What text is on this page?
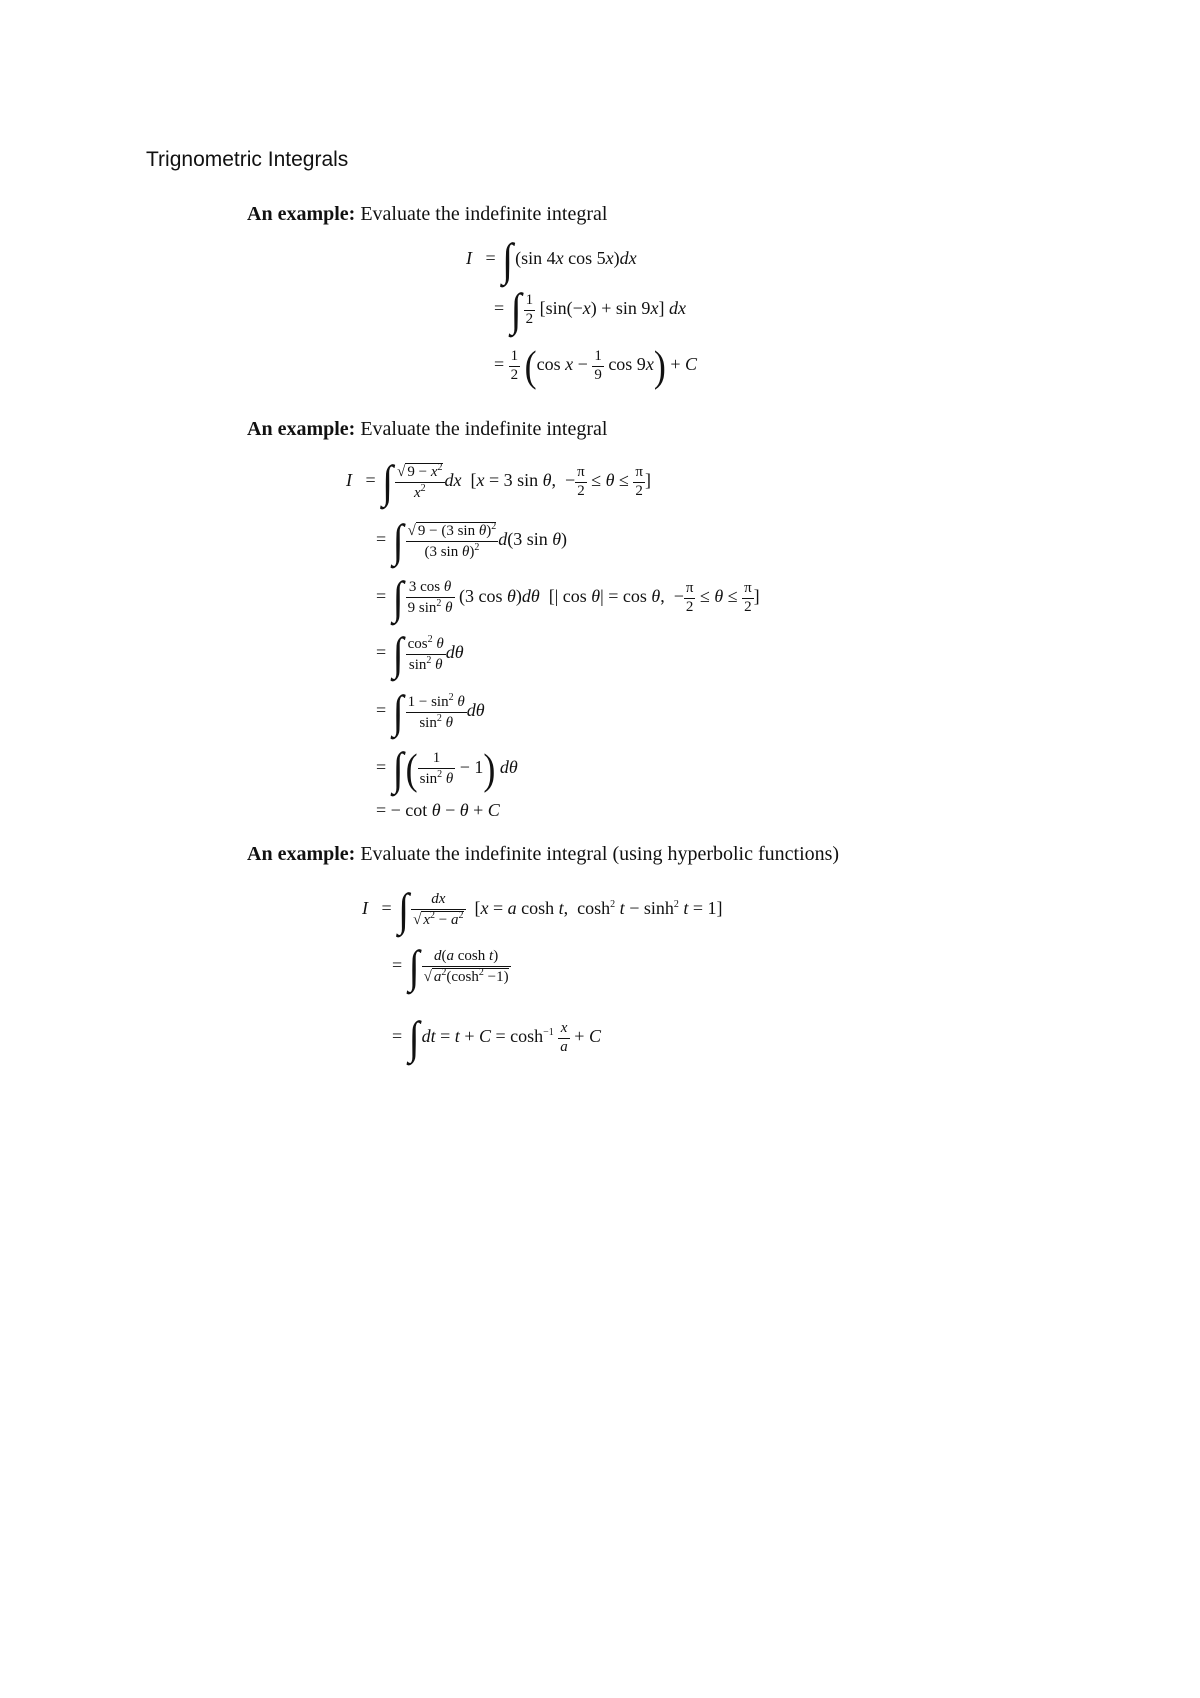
Trignometric Integrals
An example: Evaluate the indefinite integral
I   = ∫ (sin 4x cos 5x)dx
= ∫ $\frac{1}{2} [\sin(-x) + \sin 9x]$ dx
= $\frac{1}{2} (\cos$ $x - \frac{1}{9}$ cos 9x) + C
An example: Evaluate the indefinite integral
I   = ∫ $\frac{√ 9 - x^2}{x^2}$ dx  [x = 3 sin θ,  − $\frac{\pi}{2} \le \theta \le \frac{\pi}{2}$ ]
= ∫ $\frac{√ 9 - (3 \sin \theta)^2}{(3 \sin \theta)^2} d(3$ sin θ)
= ∫ $\frac{\text{3 cos θ}}{9 \sin^2 \theta} (3$ cos θ)dθ  [| cos θ| = cos θ,  − $\frac{\pi}{2} \le \theta \le \frac{\pi}{2}$ ]
= ∫ $\frac{\cos^2 \theta}{\sin^2 \theta}$ dθ
= ∫ $\frac{1 - \sin^2 \theta}{\sin^2 \theta}$ dθ
= ∫( $\frac{1}{\sin^2 \theta} - 1$) dθ
= − cot θ − θ + C
An example: Evaluate the indefinite integral (using hyperbolic functions)
I   = ∫ $\frac{dx}{√ x^2 - a^2} [x = a$ cosh t,  $\cosh^2 t - \sinh^2 t = 1$]
= ∫ $\frac{\text{d(a cosh t)}}{√ a^2(\cosh^2 -1)}$
= ∫ dt = $t + C = \cosh^{-1} \frac{x}{a} + C$
